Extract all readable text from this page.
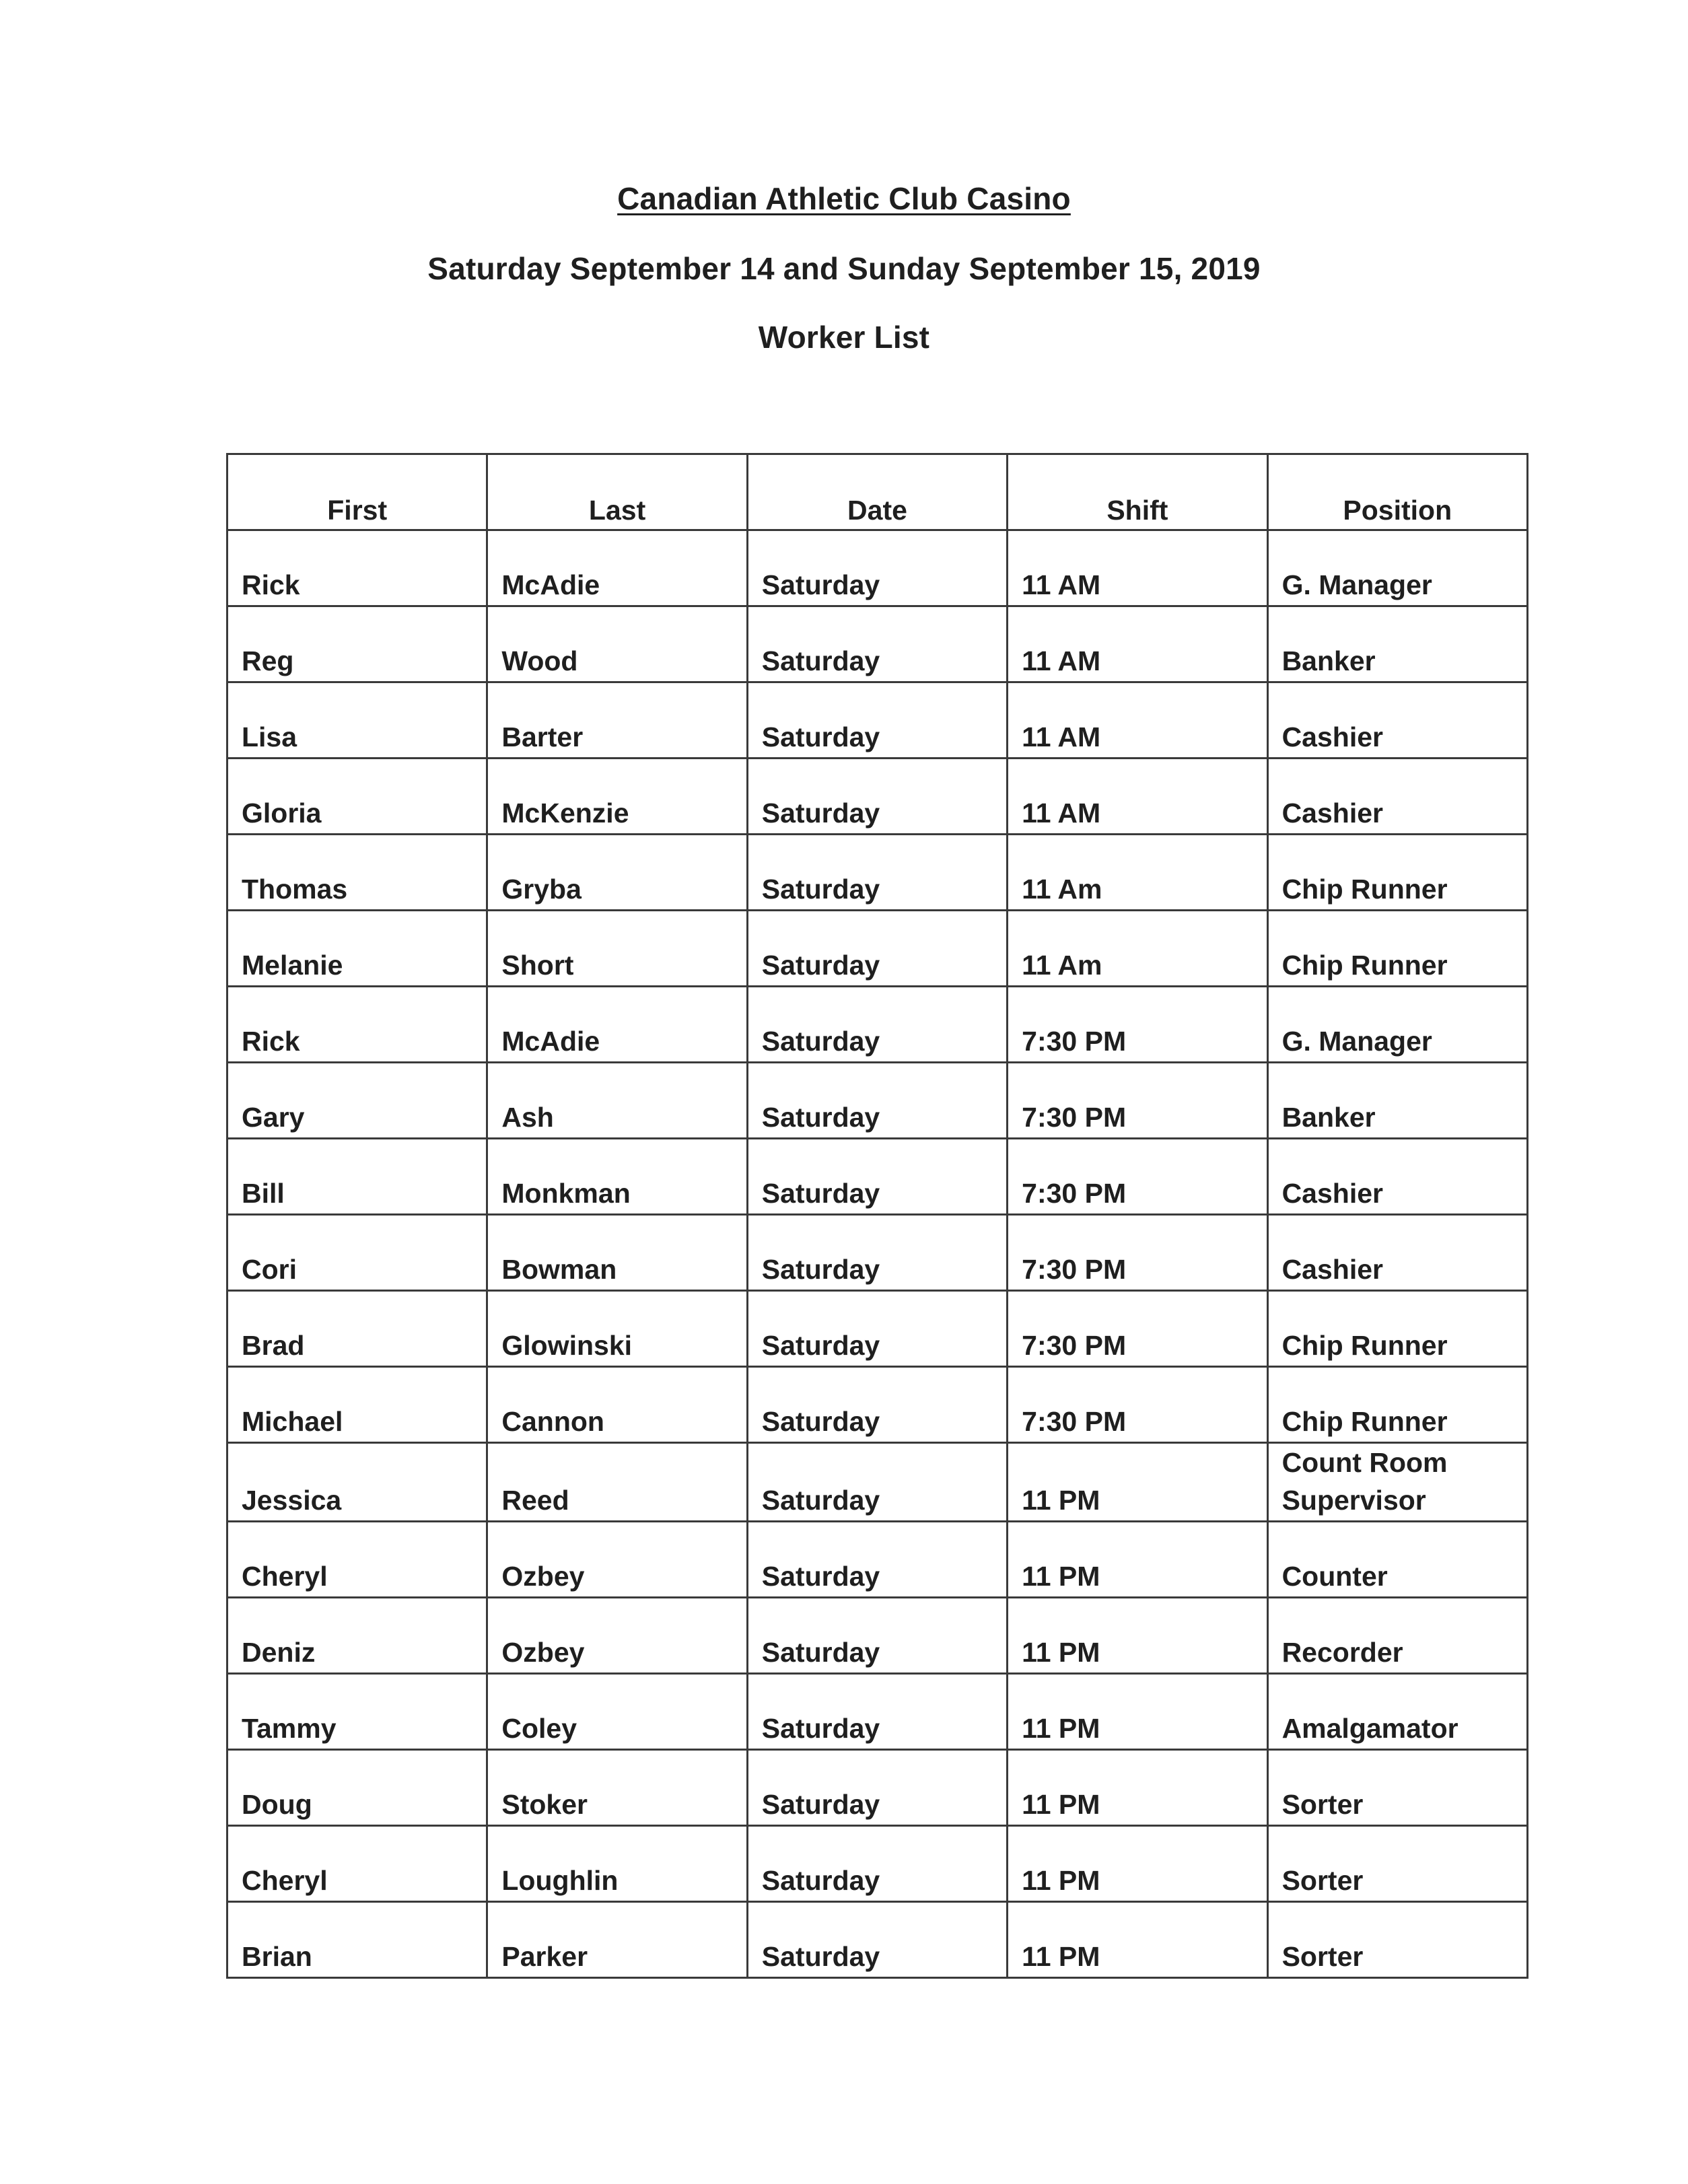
Canadian Athletic Club Casino
Saturday September 14 and Sunday September 15, 2019
Worker List
First	Last	Date	Shift	Position
Rick	McAdie	Saturday	11 AM	G. Manager
Reg	Wood	Saturday	11 AM	Banker
Lisa	Barter	Saturday	11 AM	Cashier
Gloria	McKenzie	Saturday	11 AM	Cashier
Thomas	Gryba	Saturday	11 Am	Chip Runner
Melanie	Short	Saturday	11 Am	Chip Runner
Rick	McAdie	Saturday	7:30 PM	G. Manager
Gary	Ash	Saturday	7:30 PM	Banker
Bill	Monkman	Saturday	7:30 PM	Cashier
Cori	Bowman	Saturday	7:30 PM	Cashier
Brad	Glowinski	Saturday	7:30 PM	Chip Runner
Michael	Cannon	Saturday	7:30 PM	Chip Runner
Jessica	Reed	Saturday	11 PM	Count Room Supervisor
Cheryl	Ozbey	Saturday	11 PM	Counter
Deniz	Ozbey	Saturday	11 PM	Recorder
Tammy	Coley	Saturday	11 PM	Amalgamator
Doug	Stoker	Saturday	11 PM	Sorter
Cheryl	Loughlin	Saturday	11 PM	Sorter
Brian	Parker	Saturday	11 PM	Sorter
